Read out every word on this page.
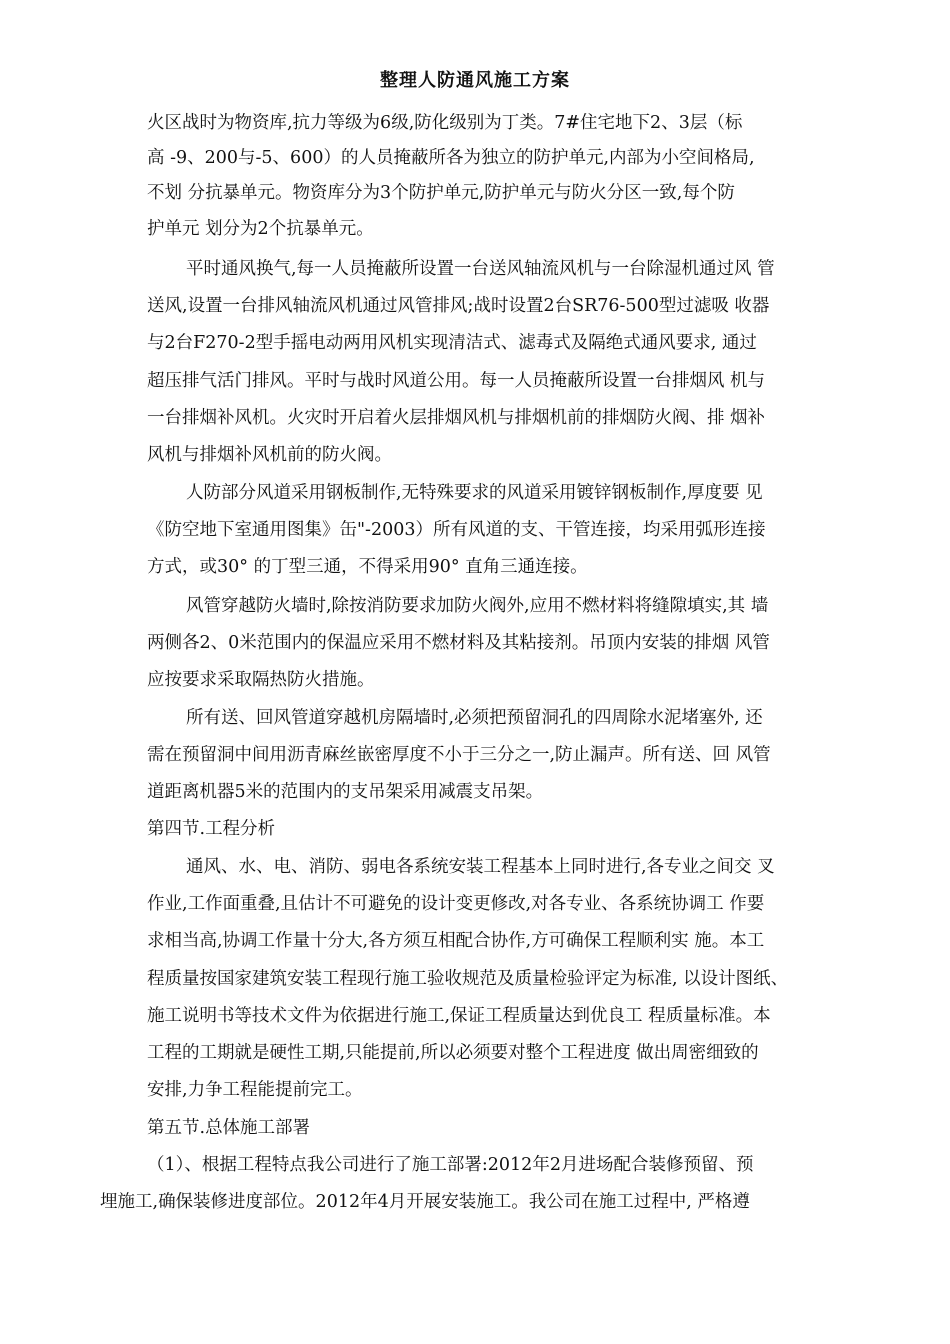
整理人防通风施工方案
火区战时为物资库,抗力等级为6级,防化级别为丁类。7#住宅地下2、3层（标
高 -9、200与-5、600）的人员掩蔽所各为独立的防护单元,内部为小空间格局,
不划 分抗暴单元。物资库分为3个防护单元,防护单元与防火分区一致,每个防
护单元 划分为2个抗暴单元。
平时通风换气,每一人员掩蔽所设置一台送风轴流风机与一台除湿机通过风 管
送风,设置一台排风轴流风机通过风管排风;战时设置2台SR76-500型过滤吸 收器
与2台F270-2型手摇电动两用风机实现清洁式、滤毒式及隔绝式通风要求, 通过
超压排气活门排风。平时与战时风道公用。每一人员掩蔽所设置一台排烟风 机与
一台排烟补风机。火灾时开启着火层排烟风机与排烟机前的排烟防火阀、排 烟补
风机与排烟补风机前的防火阀。
人防部分风道采用钢板制作,无特殊要求的风道采用镀锌钢板制作,厚度要 见
《防空地下室通用图集》缶"-2003）所有风道的支、干管连接，均采用弧形连接
方式，或30° 的丁型三通，不得采用90° 直角三通连接。
风管穿越防火墙时,除按消防要求加防火阀外,应用不燃材料将缝隙填实,其 墙
两侧各2、0米范围内的保温应采用不燃材料及其粘接剂。吊顶内安装的排烟 风管
应按要求采取隔热防火措施。
所有送、回风管道穿越机房隔墙时,必须把预留洞孔的四周除水泥堵塞外, 还
需在预留洞中间用沥青麻丝嵌密厚度不小于三分之一,防止漏声。所有送、回 风管
道距离机器5米的范围内的支吊架采用减震支吊架。
第四节.工程分析
通风、水、电、消防、弱电各系统安装工程基本上同时进行,各专业之间交 叉
作业,工作面重叠,且估计不可避免的设计变更修改,对各专业、各系统协调工 作要
求相当高,协调工作量十分大,各方须互相配合协作,方可确保工程顺利实 施。本工
程质量按国家建筑安装工程现行施工验收规范及质量检验评定为标准, 以设计图纸、
施工说明书等技术文件为依据进行施工,保证工程质量达到优良工 程质量标准。本
工程的工期就是硬性工期,只能提前,所以必须要对整个工程进度 做出周密细致的
安排,力争工程能提前完工。
第五节.总体施工部署
（1）、根据工程特点我公司进行了施工部署:2012年2月进场配合装修预留、预
埋施工,确保装修进度部位。2012年4月开展安装施工。我公司在施工过程中, 严格遵
